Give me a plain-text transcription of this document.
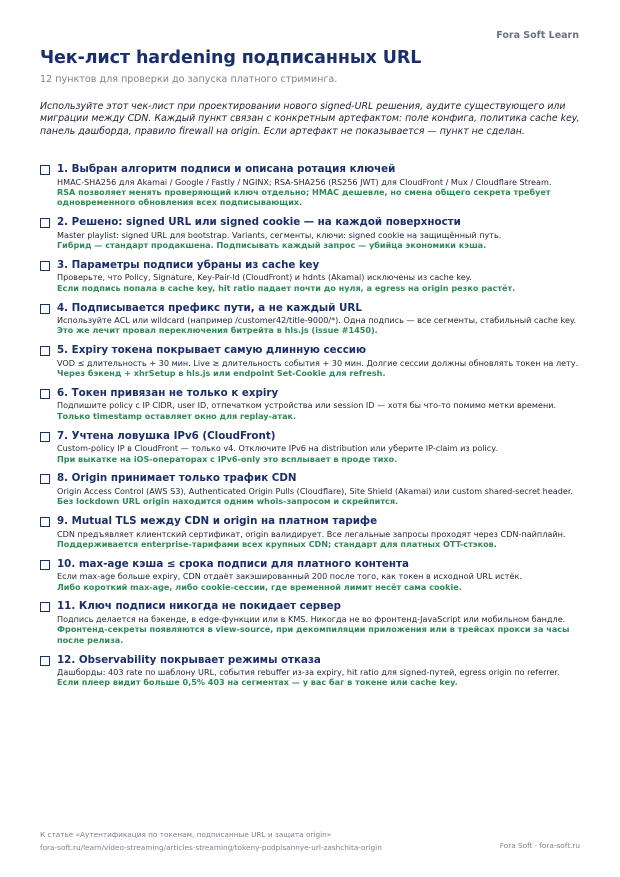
Fora Soft Learn
Чек-лист hardening подписанных URL
12 пунктов для проверки до запуска платного стриминга.

Используйте этот чек-лист при проектировании нового signed-URL решения, аудите существующего или миграции между CDN. Каждый пункт связан с конкретным артефактом: поле конфига, политика cache key, панель дашборда, правило firewall на origin. Если артефакт не показывается — пункт не сделан.

1. Выбран алгоритм подписи и описана ротация ключей
HMAC-SHA256 для Akamai / Google / Fastly / NGINX; RSA-SHA256 (RS256 JWT) для CloudFront / Mux / Cloudflare Stream.
RSA позволяет менять проверяющий ключ отдельно; HMAC дешевле, но смена общего секрета требует одновременного обновления всех подписывающих.
2. Решено: signed URL или signed cookie — на каждой поверхности
Master playlist: signed URL для bootstrap. Variants, сегменты, ключи: signed cookie на защищённый путь.
Гибрид — стандарт продакшена. Подписывать каждый запрос — убийца экономики кэша.
3. Параметры подписи убраны из cache key
Проверьте, что Policy, Signature, Key-Pair-Id (CloudFront) и hdnts (Akamai) исключены из cache key.
Если подпись попала в cache key, hit ratio падает почти до нуля, а egress на origin резко растёт.
4. Подписывается префикс пути, а не каждый URL
Используйте ACL или wildcard (например /customer42/title-9000/*). Одна подпись — все сегменты, стабильный cache key.
Это же лечит провал переключения битрейта в hls.js (issue #1450).
5. Expiry токена покрывает самую длинную сессию
VOD ≤ длительность + 30 мин. Live ≥ длительность события + 30 мин. Долгие сессии должны обновлять токен на лету.
Через бэкенд + xhrSetup в hls.js или endpoint Set-Cookie для refresh.
6. Токен привязан не только к expiry
Подпишите policy с IP CIDR, user ID, отпечатком устройства или session ID — хотя бы что-то помимо метки времени.
Только timestamp оставляет окно для replay-атак.
7. Учтена ловушка IPv6 (CloudFront)
Custom-policy IP в CloudFront — только v4. Отключите IPv6 на distribution или уберите IP-claim из policy.
При выкатке на iOS-операторах с IPv6-only это всплывает в проде тихо.
8. Origin принимает только трафик CDN
Origin Access Control (AWS S3), Authenticated Origin Pulls (Cloudflare), Site Shield (Akamai) или custom shared-secret header.
Без lockdown URL origin находится одним whois-запросом и скрейпится.
9. Mutual TLS между CDN и origin на платном тарифе
CDN предъявляет клиентский сертификат, origin валидирует. Все легальные запросы проходят через CDN-пайплайн.
Поддерживается enterprise-тарифами всех крупных CDN; стандарт для платных OTT-стэков.
10. max-age кэша ≤ срока подписи для платного контента
Если max-age больше expiry, CDN отдаёт закэшированный 200 после того, как токен в исходной URL истёк.
Либо короткий max-age, либо cookie-сессии, где временной лимит несёт сама cookie.
11. Ключ подписи никогда не покидает сервер
Подпись делается на бэкенде, в edge-функции или в KMS. Никогда не во фронтенд-JavaScript или мобильном бандле.
Фронтенд-секреты появляются в view-source, при декомпиляции приложения или в трейсах прокси за часы после релиза.
12. Observability покрывает режимы отказа
Дашборды: 403 rate по шаблону URL, события rebuffer из-за expiry, hit ratio для signed-путей, egress origin по referrer.
Если плеер видит больше 0,5% 403 на сегментах — у вас баг в токене или cache key.
К статье «Аутентификация по токенам, подписанные URL и защита origin»
fora-soft.ru/learn/video-streaming/articles-streaming/tokeny-podpisannye-url-zashchita-origin	Fora Soft · fora-soft.ru
